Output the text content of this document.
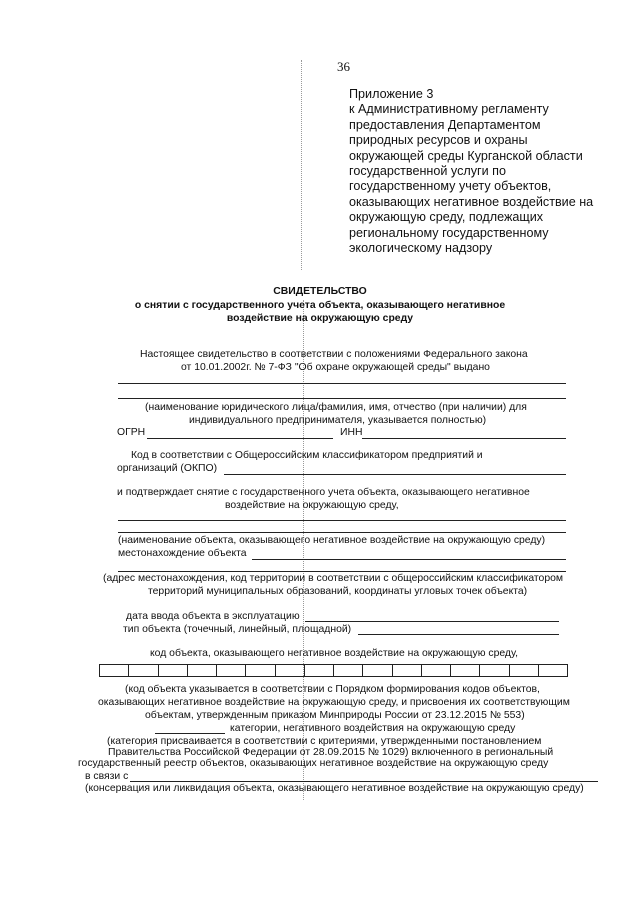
36
Приложение 3
к Административному регламенту
предоставления Департаментом
природных ресурсов и охраны
окружающей среды Курганской области
государственной услуги по
государственному учету объектов,
оказывающих негативное воздействие на
окружающую среду, подлежащих
региональному государственному
экологическому надзору
СВИДЕТЕЛЬСТВО
о снятии с государственного учета объекта, оказывающего негативное
воздействие на окружающую среду
Настоящее свидетельство в соответствии с положениями Федерального закона
от 10.01.2002г. № 7-ФЗ "Об охране окружающей среды" выдано
(наименование юридического лица/фамилия, имя, отчество (при наличии) для
индивидуального предпринимателя, указывается полностью)
ОГРН	ИНН
Код в соответствии с Общероссийским классификатором предприятий и
организаций (ОКПО)
и подтверждает снятие с государственного учета объекта, оказывающего негативное
воздействие на окружающую среду,
(наименование объекта, оказывающего негативное воздействие на окружающую среду)
местонахождение объекта
(адрес местонахождения, код территории в соответствии с общероссийским классификатором
территорий муниципальных образований, координаты угловых точек объекта)
дата ввода объекта в эксплуатацию
тип объекта (точечный, линейный, площадной)
код объекта, оказывающего негативное воздействие на окружающую среду,
(код объекта указывается в соответствии с Порядком формирования кодов объектов,
оказывающих негативное воздействие на окружающую среду, и присвоения их соответствующим
объектам, утвержденным приказом Минприроды России от 23.12.2015 № 553)
категории, негативного воздействия на окружающую среду
(категория присваивается в соответствии с критериями, утвержденными постановлением
Правительства Российской Федерации от 28.09.2015 № 1029) включенного в региональный
государственный реестр объектов, оказывающих негативное воздействие на окружающую среду
в связи с
(консервация или ликвидация объекта, оказывающего негативное воздействие на окружающую среду)
